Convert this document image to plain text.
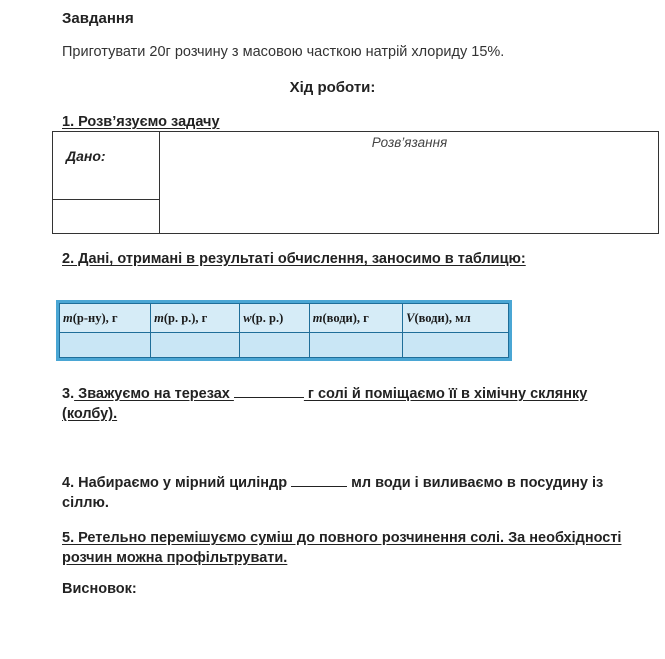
Завдання
Приготувати 20г розчину з масовою часткою натрій хлориду 15%.
Хід роботи:
1. Розв’язуємо задачу
Дано:
Розв’язання
2. Дані, отримані в результаті обчислення, заносимо в таблицю:
m(р-ну), г	m(р. р.), г	w(р. р.)	m(води), г	V(води), мл

3. Зважуємо на терезах	г солі й поміщаємо її в хімічну склянку (колбу).
4. Набираємо у мірний циліндр	мл води і виливаємо в посудину із сіллю.
5. Ретельно перемішуємо суміш до повного розчинення солі. За необхідності розчин можна профільтрувати.
Висновок:
